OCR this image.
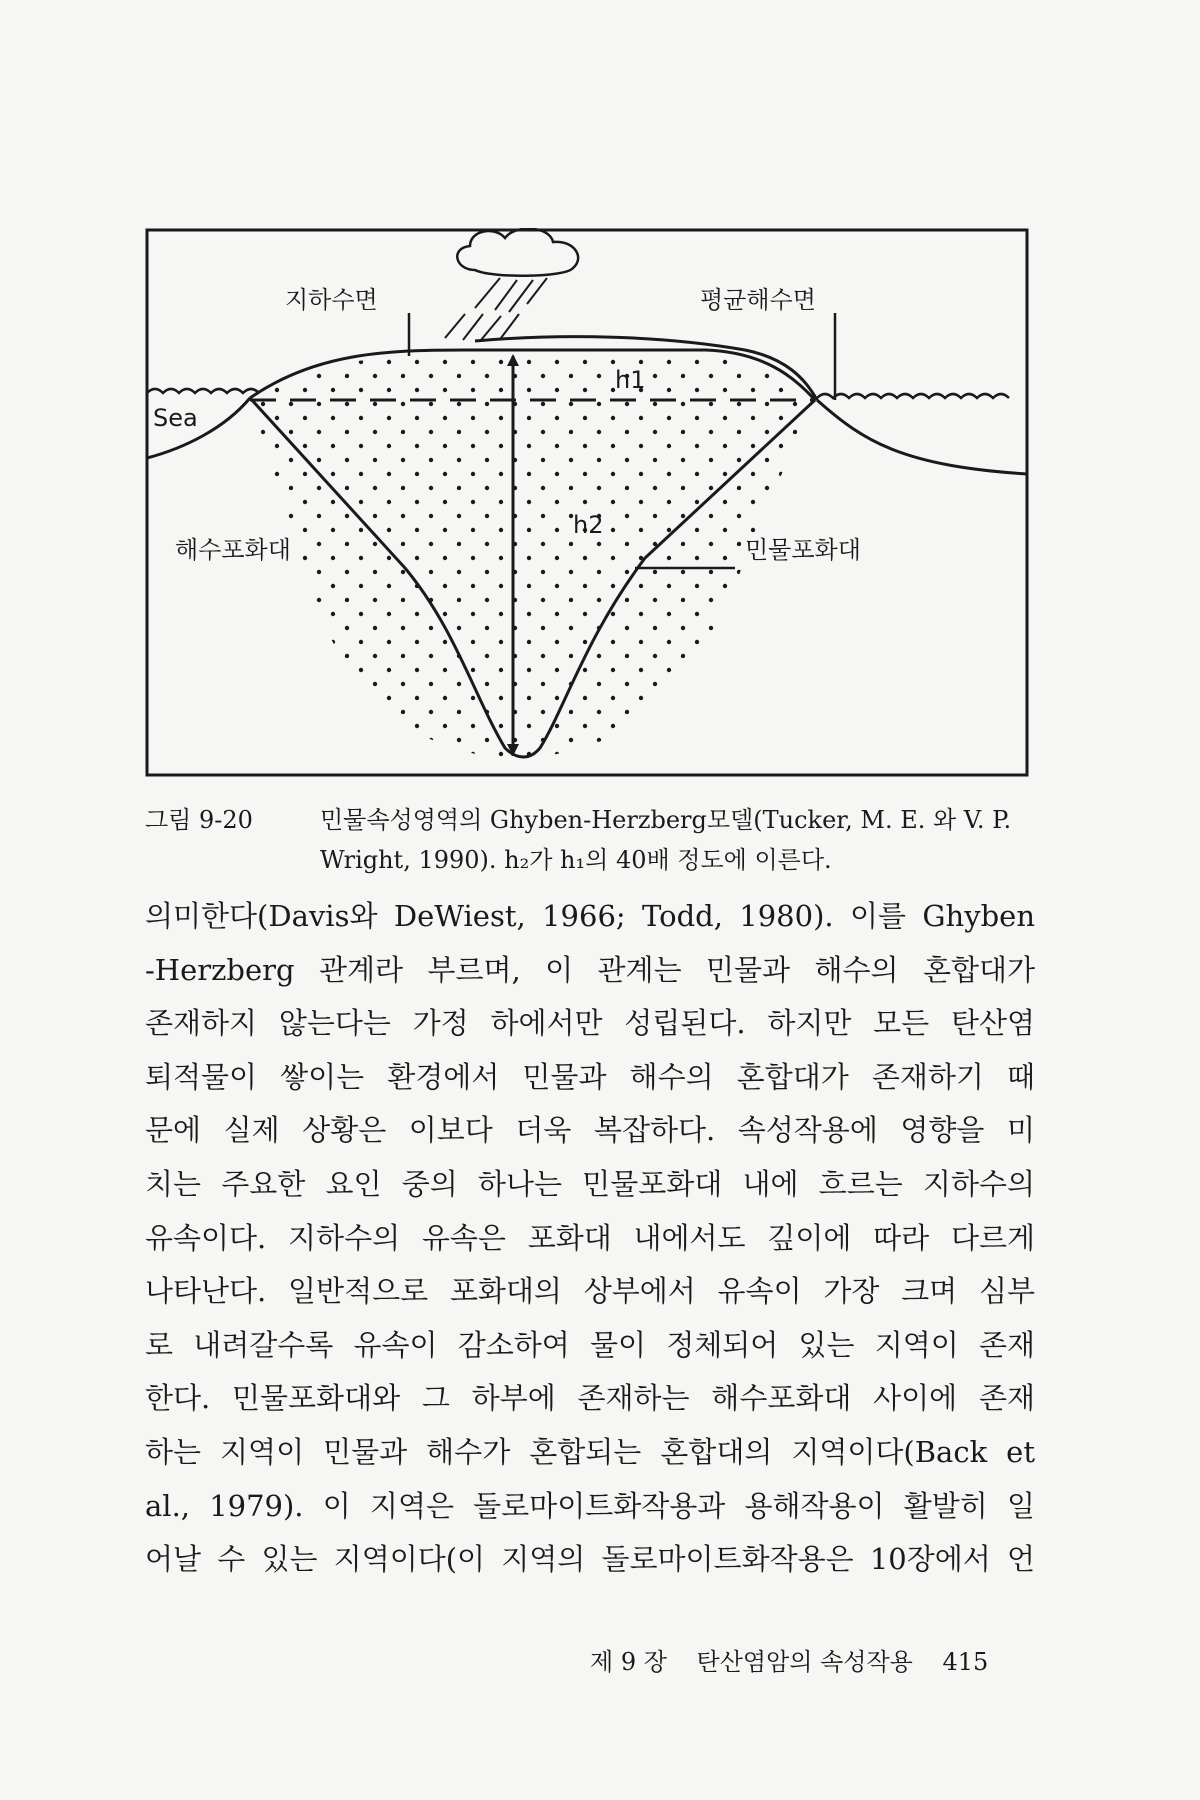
지하수면	평균해수면
Sea
h1
h2
해수포화대	민물포화대
그림 9-20	민물속성영역의 Ghyben-Herzberg모델(Tucker, M. E. 와 V. P.
Wright, 1990). h₂가 h₁의 40배 정도에 이른다.
의미한다(Davis와 DeWiest, 1966; Todd, 1980). 이를 Ghyben
-Herzberg 관계라 부르며, 이 관계는 민물과 해수의 혼합대가
존재하지 않는다는 가정 하에서만 성립된다. 하지만 모든 탄산염
퇴적물이 쌓이는 환경에서 민물과 해수의 혼합대가 존재하기 때
문에 실제 상황은 이보다 더욱 복잡하다. 속성작용에 영향을 미
치는 주요한 요인 중의 하나는 민물포화대 내에 흐르는 지하수의
유속이다. 지하수의 유속은 포화대 내에서도 깊이에 따라 다르게
나타난다. 일반적으로 포화대의 상부에서 유속이 가장 크며 심부
로 내려갈수록 유속이 감소하여 물이 정체되어 있는 지역이 존재
한다. 민물포화대와 그 하부에 존재하는 해수포화대 사이에 존재
하는 지역이 민물과 해수가 혼합되는 혼합대의 지역이다(Back et
al., 1979). 이 지역은 돌로마이트화작용과 용해작용이 활발히 일
어날 수 있는 지역이다(이 지역의 돌로마이트화작용은 10장에서 언
제 9 장 탄산염암의 속성작용 415
